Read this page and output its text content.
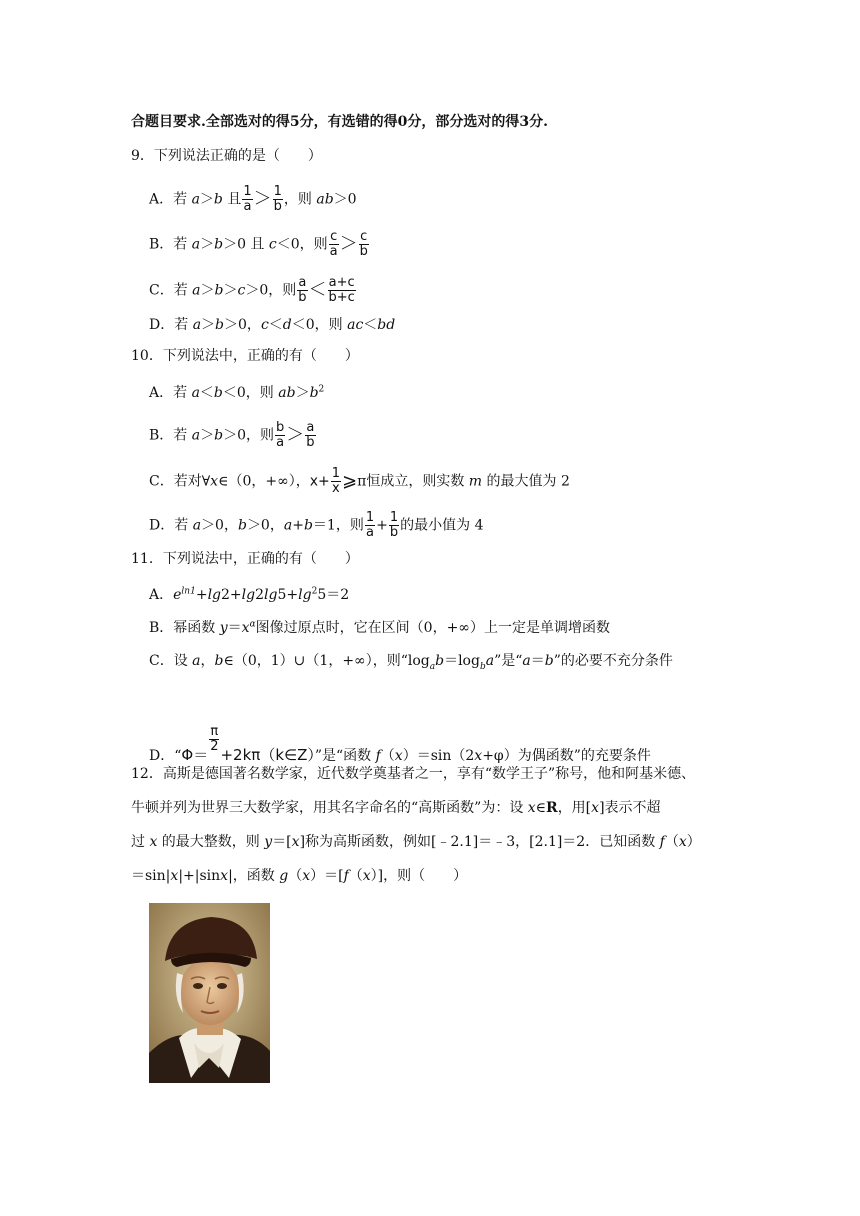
合题目要求.全部选对的得5分，有选错的得0分，部分选对的得3分.
9．下列说法正确的是（　　）
A．若 a＞b 且 $\frac{1}{a} > \frac{1}{b}$ ，则 ab＞0
B．若 a＞b＞0 且 c＜0，则 $\frac{c}{a} > \frac{c}{b}$
C．若 a＞b＞c＞0，则 $\frac{a}{b} < \frac{a+c}{b+c}$
D．若 a＞b＞0，c＜d＜0，则 ac＜bd
10．下列说法中，正确的有（　　）
A．若 a＜b＜0，则 $ab>b^2$
B．若 a＞b＞0，则 $\frac{b}{a} > \frac{a}{b}$
C．若对∀x∈（0，+∞），$x+ \frac{1}{x}$ ⩾π恒成立，则实数 m 的最大值为 2
D．若 a＞0，b＞0，a+b＝1，则 $\frac{1}{a} + \frac{1}{b}$ 的最小值为 4
11．下列说法中，正确的有（　　）
A．$e^{ln1}+\lg 2+\lg 2\lg 5+\lg^25=2$
B．幂函数 $y=x^\alpha$图像过原点时，它在区间（0，+∞）上一定是单调增函数
C．设 a，b∈（0，1）∪（1，+∞），则“$\log_ab=\log_ba$”是“a＝b”的必要不充分条件
D．“Φ＝
$\frac{\pi}{2}$
+2kπ（k∈Z）”是“函数 f（x）＝sin（2x+φ）为偶函数”的充要条件
12．高斯是德国著名数学家，近代数学奠基者之一，享有“数学王子”称号，他和阿基米德、
牛顿并列为世界三大数学家，用其名字命名的“高斯函数”为：设 x∈R，用[x]表示不超
过 x 的最大整数，则 y＝[x]称为高斯函数，例如[﹣2.1]＝﹣3，[2.1]＝2．已知函数 f（x）
＝sin|x|+|sinx|，函数 g（x）＝[f（x）]，则（　　）
